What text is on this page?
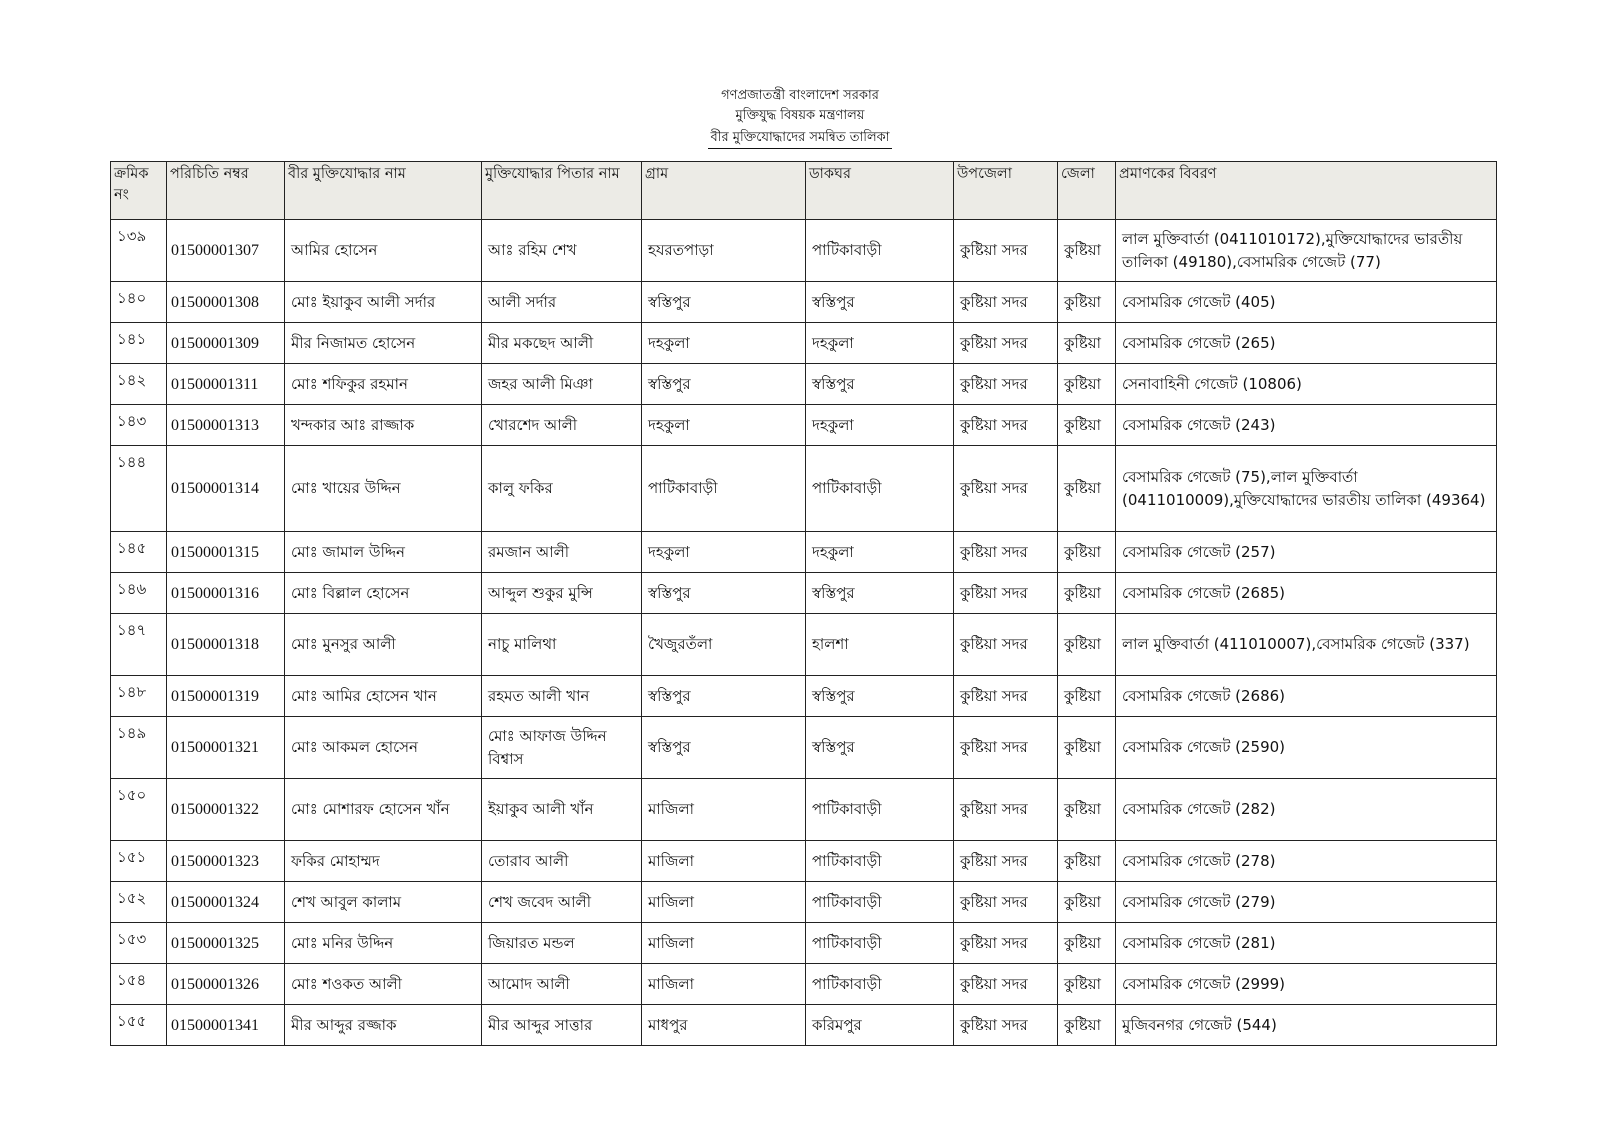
গণপ্রজাতন্ত্রী বাংলাদেশ সরকার
মুক্তিযুদ্ধ বিষয়ক মন্ত্রণালয়
বীর মুক্তিযোদ্ধাদের সমন্বিত তালিকা
ক্রমিক নং	পরিচিতি নম্বর	বীর মুক্তিযোদ্ধার নাম	মুক্তিযোদ্ধার পিতার নাম	গ্রাম	ডাকঘর	উপজেলা	জেলা	প্রমাণকের বিবরণ
১৩৯	01500001307	আমির হোসেন	আঃ রহিম শেখ	হযরতপাড়া	পাটিকাবাড়ী	কুষ্টিয়া সদর	কুষ্টিয়া	লাল মুক্তিবার্তা (0411010172),মুক্তিযোদ্ধাদের ভারতীয় তালিকা (49180),বেসামরিক গেজেট (77)
১৪০	01500001308	মোঃ ইয়াকুব আলী সর্দার	আলী সর্দার	স্বস্তিপুর	স্বস্তিপুর	কুষ্টিয়া সদর	কুষ্টিয়া	বেসামরিক গেজেট (405)
১৪১	01500001309	মীর নিজামত হোসেন	মীর মকছেদ আলী	দহকুলা	দহকুলা	কুষ্টিয়া সদর	কুষ্টিয়া	বেসামরিক গেজেট (265)
১৪২	01500001311	মোঃ শফিকুর রহমান	জহর আলী মিঞা	স্বস্তিপুর	স্বস্তিপুর	কুষ্টিয়া সদর	কুষ্টিয়া	সেনাবাহিনী গেজেট (10806)
১৪৩	01500001313	খন্দকার আঃ রাজ্জাক	খোরশেদ আলী	দহকুলা	দহকুলা	কুষ্টিয়া সদর	কুষ্টিয়া	বেসামরিক গেজেট (243)
১৪৪	01500001314	মোঃ খায়ের উদ্দিন	কালু ফকির	পাটিকাবাড়ী	পাটিকাবাড়ী	কুষ্টিয়া সদর	কুষ্টিয়া	বেসামরিক গেজেট (75),লাল মুক্তিবার্তা (0411010009),মুক্তিযোদ্ধাদের ভারতীয় তালিকা (49364)
১৪৫	01500001315	মোঃ জামাল উদ্দিন	রমজান আলী	দহকুলা	দহকুলা	কুষ্টিয়া সদর	কুষ্টিয়া	বেসামরিক গেজেট (257)
১৪৬	01500001316	মোঃ বিল্লাল হোসেন	আব্দুল শুকুর মুন্সি	স্বস্তিপুর	স্বস্তিপুর	কুষ্টিয়া সদর	কুষ্টিয়া	বেসামরিক গেজেট (2685)
১৪৭	01500001318	মোঃ মুনসুর আলী	নাচু মালিথা	খৈজুরতঁলা	হালশা	কুষ্টিয়া সদর	কুষ্টিয়া	লাল মুক্তিবার্তা (411010007),বেসামরিক গেজেট (337)
১৪৮	01500001319	মোঃ আমির হোসেন খান	রহমত আলী খান	স্বস্তিপুর	স্বস্তিপুর	কুষ্টিয়া সদর	কুষ্টিয়া	বেসামরিক গেজেট (2686)
১৪৯	01500001321	মোঃ আকমল হোসেন	মোঃ আফাজ উদ্দিন বিশ্বাস	স্বস্তিপুর	স্বস্তিপুর	কুষ্টিয়া সদর	কুষ্টিয়া	বেসামরিক গেজেট (2590)
১৫০	01500001322	মোঃ মোশারফ হোসেন খাঁন	ইয়াকুব আলী খাঁন	মাজিলা	পাটিকাবাড়ী	কুষ্টিয়া সদর	কুষ্টিয়া	বেসামরিক গেজেট (282)
১৫১	01500001323	ফকির মোহাম্মদ	তোরাব আলী	মাজিলা	পাটিকাবাড়ী	কুষ্টিয়া সদর	কুষ্টিয়া	বেসামরিক গেজেট (278)
১৫২	01500001324	শেখ আবুল কালাম	শেখ জবেদ আলী	মাজিলা	পাটিকাবাড়ী	কুষ্টিয়া সদর	কুষ্টিয়া	বেসামরিক গেজেট (279)
১৫৩	01500001325	মোঃ মনির উদ্দিন	জিয়ারত মন্ডল	মাজিলা	পাটিকাবাড়ী	কুষ্টিয়া সদর	কুষ্টিয়া	বেসামরিক গেজেট (281)
১৫৪	01500001326	মোঃ শওকত আলী	আমোদ আলী	মাজিলা	পাটিকাবাড়ী	কুষ্টিয়া সদর	কুষ্টিয়া	বেসামরিক গেজেট (2999)
১৫৫	01500001341	মীর আব্দুর রজ্জাক	মীর আব্দুর সাত্তার	মাধপুর	করিমপুর	কুষ্টিয়া সদর	কুষ্টিয়া	মুজিবনগর গেজেট (544)
